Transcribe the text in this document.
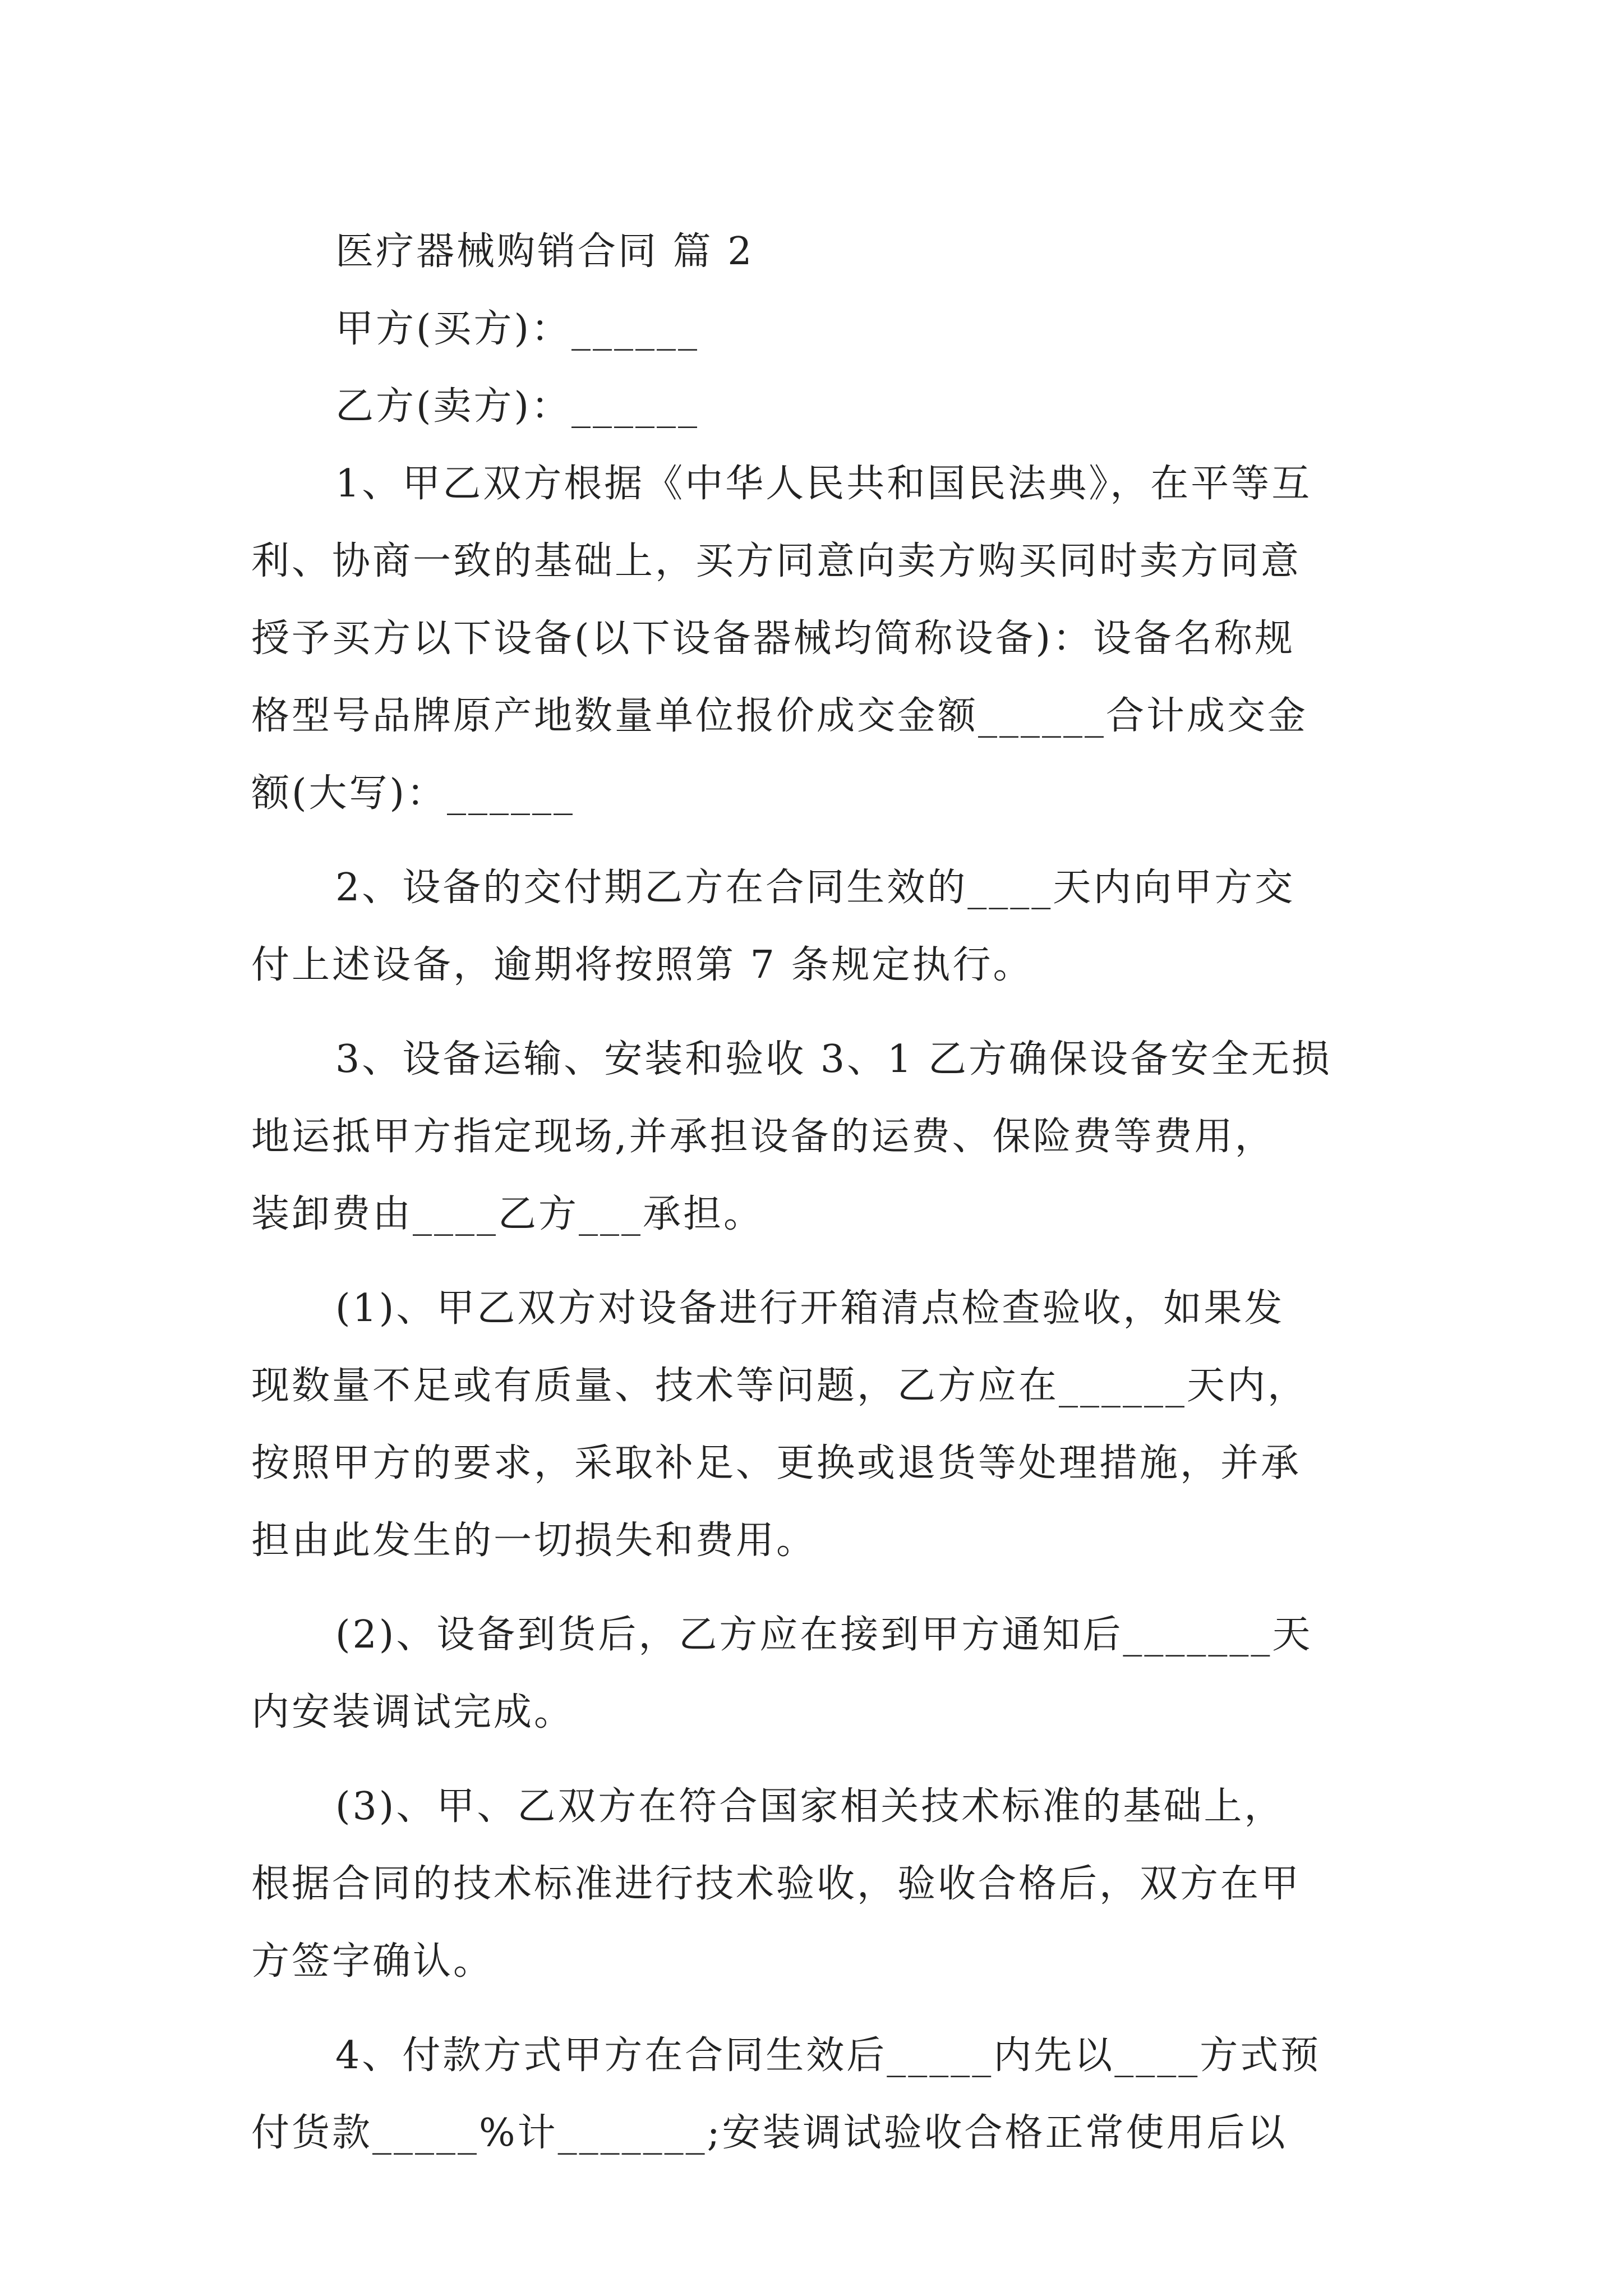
医疗器械购销合同 篇 2
甲方(买方)：______
乙方(卖方)：______
1、甲乙双方根据《中华人民共和国民法典》，在平等互
利、协商一致的基础上，买方同意向卖方购买同时卖方同意
授予买方以下设备(以下设备器械均简称设备)：设备名称规
格型号品牌原产地数量单位报价成交金额______合计成交金
额(大写)：______
2、设备的交付期乙方在合同生效的____天内向甲方交
付上述设备，逾期将按照第 7 条规定执行。
3、设备运输、安装和验收 3、1 乙方确保设备安全无损
地运抵甲方指定现场,并承担设备的运费、保险费等费用，
装卸费由____乙方___承担。
(1)、甲乙双方对设备进行开箱清点检查验收，如果发
现数量不足或有质量、技术等问题，乙方应在______天内，
按照甲方的要求，采取补足、更换或退货等处理措施，并承
担由此发生的一切损失和费用。
(2)、设备到货后，乙方应在接到甲方通知后_______天
内安装调试完成。
(3)、甲、乙双方在符合国家相关技术标准的基础上，
根据合同的技术标准进行技术验收，验收合格后，双方在甲
方签字确认。
4、付款方式甲方在合同生效后_____内先以____方式预
付货款_____%计_______;安装调试验收合格正常使用后以
